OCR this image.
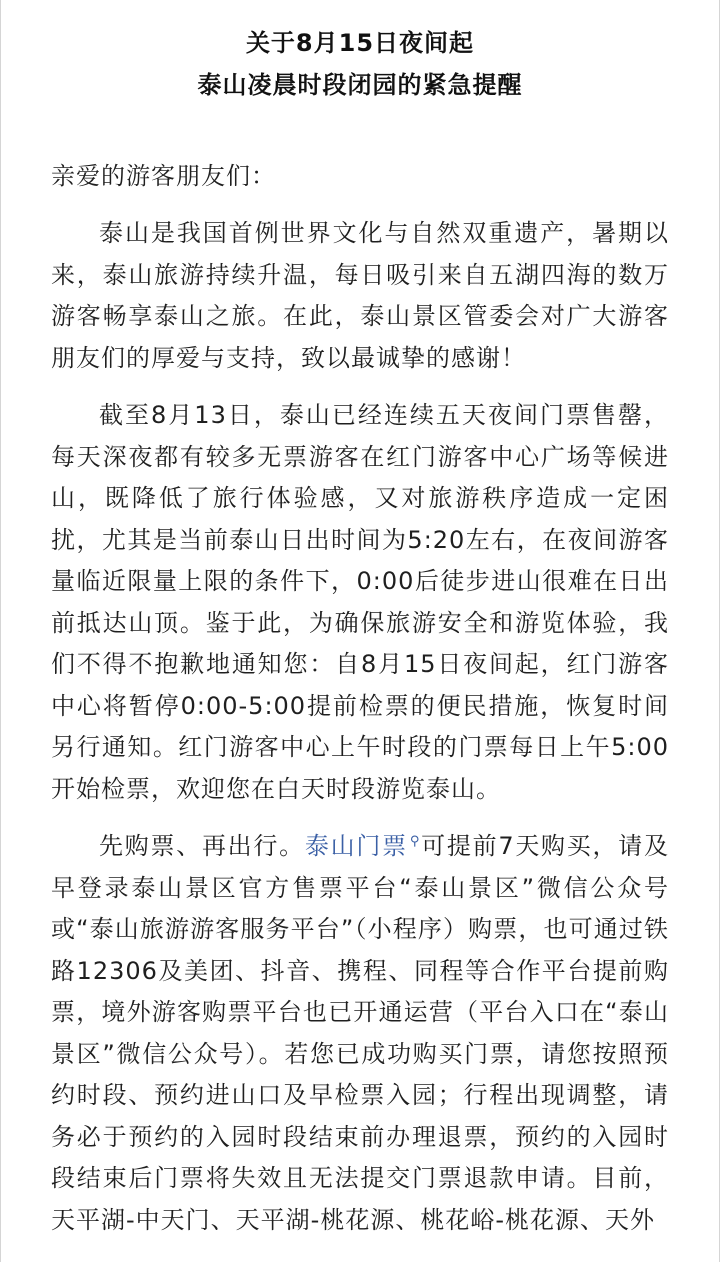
关于8月15日夜间起
泰山凌晨时段闭园的紧急提醒

亲爱的游客朋友们：

泰山是我国首例世界文化与自然双重遗产，暑期以来，泰山旅游持续升温，每日吸引来自五湖四海的数万游客畅享泰山之旅。在此，泰山景区管委会对广大游客朋友们的厚爱与支持，致以最诚挚的感谢！

截至8月13日，泰山已经连续五天夜间门票售罄，每天深夜都有较多无票游客在红门游客中心广场等候进山，既降低了旅行体验感，又对旅游秩序造成一定困扰，尤其是当前泰山日出时间为5:20左右，在夜间游客量临近限量上限的条件下，0:00后徒步进山很难在日出前抵达山顶。鉴于此，为确保旅游安全和游览体验，我们不得不抱歉地通知您：自8月15日夜间起，红门游客中心将暂停0:00-5:00提前检票的便民措施，恢复时间另行通知。红门游客中心上午时段的门票每日上午5:00开始检票，欢迎您在白天时段游览泰山。

先购票、再出行。泰山门票 ⚲可提前7天购买，请及早登录泰山景区官方售票平台“泰山景区”微信公众号或“泰山旅游游客服务平台”（小程序）购票，也可通过铁路12306及美团、抖音、携程、同程等合作平台提前购票，境外游客购票平台也已开通运营（平台入口在“泰山景区”微信公众号）。若您已成功购买门票，请您按照预约时段、预约进山口及早检票入园；行程出现调整，请务必于预约的入园时段结束前办理退票，预约的入园时段结束后门票将失效且无法提交门票退款申请。目前，天平湖-中天门、天平湖-桃花源、桃花峪-桃花源、天外
